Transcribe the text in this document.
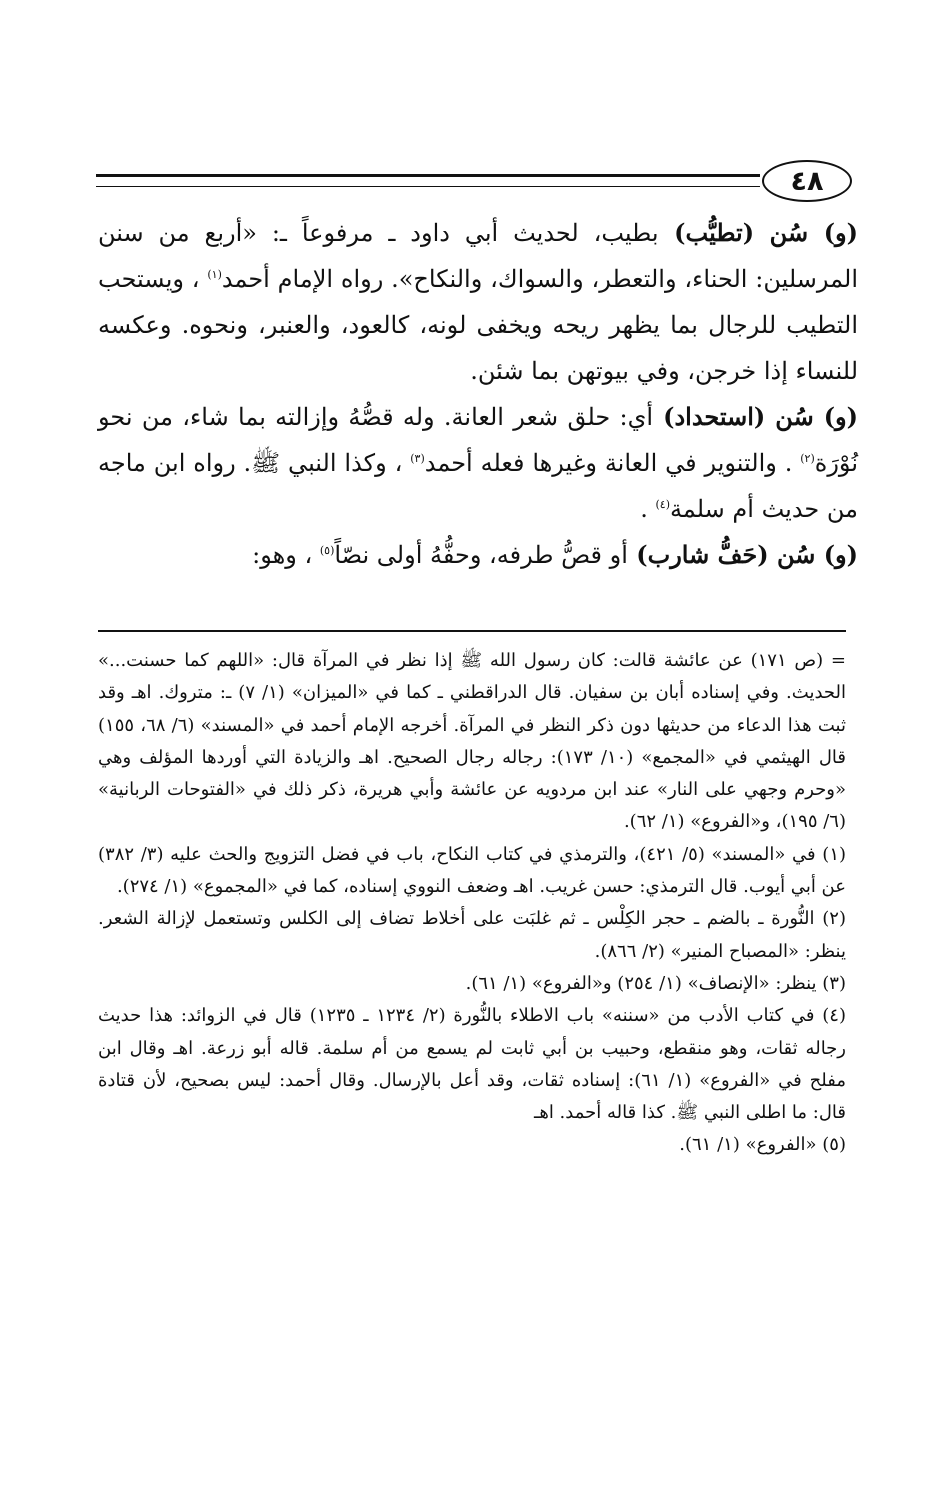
٤٨

(و) سُن (تطيُّب) بطيب، لحديث أبي داود ـ مرفوعاً ـ: «أربع من سنن المرسلين: الحناء، والتعطر، والسواك، والنكاح». رواه الإمام أحمد$^{(١)}$ ، ويستحب التطيب للرجال بما يظهر ريحه ويخفى لونه، كالعود، والعنبر، ونحوه. وعكسه للنساء إذا خرجن، وفي بيوتهن بما شئن.

(و) سُن (استحداد) أي: حلق شعر العانة. وله قصُّهُ وإزالته بما شاء، من نحو نُوْرَة$^{(٢)}$ . والتنوير في العانة وغيرها فعله أحمد$^{(٣)}$ ، وكذا النبي ﷺ. رواه ابن ماجه من حديث أم سلمة$^{(٤)}$ .

(و) سُن (حَفُّ شارب) أو قصُّ طرفه، وحفُّهُ أولى نصّاً$^{(٥)}$ ، وهو:

= (ص ١٧١) عن عائشة قالت: كان رسول الله ﷺ إذا نظر في المرآة قال: «اللهم كما حسنت...» الحديث. وفي إسناده أبان بن سفيان. قال الدراقطني ـ كما في «الميزان» (١/ ٧) ـ: متروك. اهـ وقد ثبت هذا الدعاء من حديثها دون ذكر النظر في المرآة. أخرجه الإمام أحمد في «المسند» (٦/ ٦٨، ١٥٥) قال الهيثمي في «المجمع» (١٠/ ١٧٣): رجاله رجال الصحيح. اهـ والزيادة التي أوردها المؤلف وهي «وحرم وجهي على النار» عند ابن مردويه عن عائشة وأبي هريرة، ذكر ذلك في «الفتوحات الربانية» (٦/ ١٩٥)، و«الفروع» (١/ ٦٢).

(١) في «المسند» (٥/ ٤٢١)، والترمذي في كتاب النكاح، باب في فضل التزويج والحث عليه (٣/ ٣٨٢) عن أبي أيوب. قال الترمذي: حسن غريب. اهـ وضعف النووي إسناده، كما في «المجموع» (١/ ٢٧٤).

(٢) النُّورة ـ بالضم ـ حجر الكِلْس ـ ثم غلبَت على أخلاط تضاف إلى الكلس وتستعمل لإزالة الشعر. ينظر: «المصباح المنير» (٢/ ٨٦٦).

(٣) ينظر: «الإنصاف» (١/ ٢٥٤) و«الفروع» (١/ ٦١).

(٤) في كتاب الأدب من «سننه» باب الاطلاء بالنُّورة (٢/ ١٢٣٤ ـ ١٢٣٥) قال في الزوائد: هذا حديث رجاله ثقات، وهو منقطع، وحبيب بن أبي ثابت لم يسمع من أم سلمة. قاله أبو زرعة. اهـ وقال ابن مفلح في «الفروع» (١/ ٦١): إسناده ثقات، وقد أعل بالإرسال. وقال أحمد: ليس بصحيح، لأن قتادة قال: ما اطلى النبي ﷺ. كذا قاله أحمد. اهـ

(٥) «الفروع» (١/ ٦١).
